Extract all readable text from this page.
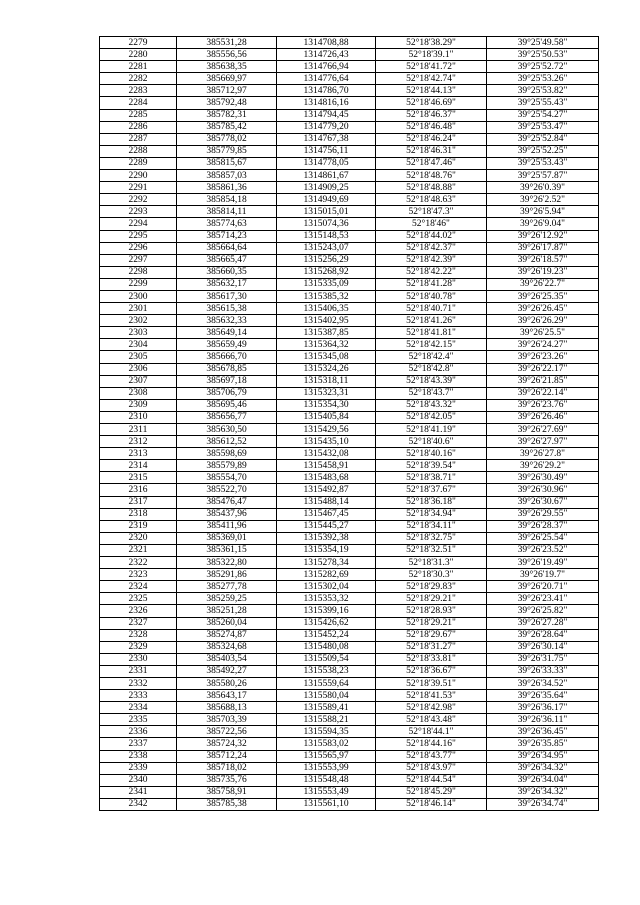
2279	385531,28	1314708,88	52°18'38.29"	39°25'49.58"
2280	385556,56	1314726,43	52°18'39.1"	39°25'50.53"
2281	385638,35	1314766,94	52°18'41.72"	39°25'52.72"
2282	385669,97	1314776,64	52°18'42.74"	39°25'53.26"
2283	385712,97	1314786,70	52°18'44.13"	39°25'53.82"
2284	385792,48	1314816,16	52°18'46.69"	39°25'55.43"
2285	385782,31	1314794,45	52°18'46.37"	39°25'54.27"
2286	385785,42	1314779,20	52°18'46.48"	39°25'53.47"
2287	385778,02	1314767,38	52°18'46.24"	39°25'52.84"
2288	385779,85	1314756,11	52°18'46.31"	39°25'52.25"
2289	385815,67	1314778,05	52°18'47.46"	39°25'53.43"
2290	385857,03	1314861,67	52°18'48.76"	39°25'57.87"
2291	385861,36	1314909,25	52°18'48.88"	39°26'0.39"
2292	385854,18	1314949,69	52°18'48.63"	39°26'2.52"
2293	385814,11	1315015,01	52°18'47.3"	39°26'5.94"
2294	385774,63	1315074,36	52°18'46"	39°26'9.04"
2295	385714,23	1315148,53	52°18'44.02"	39°26'12.92"
2296	385664,64	1315243,07	52°18'42.37"	39°26'17.87"
2297	385665,47	1315256,29	52°18'42.39"	39°26'18.57"
2298	385660,35	1315268,92	52°18'42.22"	39°26'19.23"
2299	385632,17	1315335,09	52°18'41.28"	39°26'22.7"
2300	385617,30	1315385,32	52°18'40.78"	39°26'25.35"
2301	385615,38	1315406,35	52°18'40.71"	39°26'26.45"
2302	385632,33	1315402,95	52°18'41.26"	39°26'26.29"
2303	385649,14	1315387,85	52°18'41.81"	39°26'25.5"
2304	385659,49	1315364,32	52°18'42.15"	39°26'24.27"
2305	385666,70	1315345,08	52°18'42.4"	39°26'23.26"
2306	385678,85	1315324,26	52°18'42.8"	39°26'22.17"
2307	385697,18	1315318,11	52°18'43.39"	39°26'21.85"
2308	385706,79	1315323,31	52°18'43.7"	39°26'22.14"
2309	385695,46	1315354,30	52°18'43.32"	39°26'23.76"
2310	385656,77	1315405,84	52°18'42.05"	39°26'26.46"
2311	385630,50	1315429,56	52°18'41.19"	39°26'27.69"
2312	385612,52	1315435,10	52°18'40.6"	39°26'27.97"
2313	385598,69	1315432,08	52°18'40.16"	39°26'27.8"
2314	385579,89	1315458,91	52°18'39.54"	39°26'29.2"
2315	385554,70	1315483,68	52°18'38.71"	39°26'30.49"
2316	385522,70	1315492,87	52°18'37.67"	39°26'30.96"
2317	385476,47	1315488,14	52°18'36.18"	39°26'30.67"
2318	385437,96	1315467,45	52°18'34.94"	39°26'29.55"
2319	385411,96	1315445,27	52°18'34.11"	39°26'28.37"
2320	385369,01	1315392,38	52°18'32.75"	39°26'25.54"
2321	385361,15	1315354,19	52°18'32.51"	39°26'23.52"
2322	385322,80	1315278,34	52°18'31.3"	39°26'19.49"
2323	385291,86	1315282,69	52°18'30.3"	39°26'19.7"
2324	385277,78	1315302,04	52°18'29.83"	39°26'20.71"
2325	385259,25	1315353,32	52°18'29.21"	39°26'23.41"
2326	385251,28	1315399,16	52°18'28.93"	39°26'25.82"
2327	385260,04	1315426,62	52°18'29.21"	39°26'27.28"
2328	385274,87	1315452,24	52°18'29.67"	39°26'28.64"
2329	385324,68	1315480,08	52°18'31.27"	39°26'30.14"
2330	385403,54	1315509,54	52°18'33.81"	39°26'31.75"
2331	385492,27	1315538,23	52°18'36.67"	39°26'33.33"
2332	385580,26	1315559,64	52°18'39.51"	39°26'34.52"
2333	385643,17	1315580,04	52°18'41.53"	39°26'35.64"
2334	385688,13	1315589,41	52°18'42.98"	39°26'36.17"
2335	385703,39	1315588,21	52°18'43.48"	39°26'36.11"
2336	385722,56	1315594,35	52°18'44.1"	39°26'36.45"
2337	385724,32	1315583,02	52°18'44.16"	39°26'35.85"
2338	385712,24	1315565,97	52°18'43.77"	39°26'34.95"
2339	385718,02	1315553,99	52°18'43.97"	39°26'34.32"
2340	385735,76	1315548,48	52°18'44.54"	39°26'34.04"
2341	385758,91	1315553,49	52°18'45.29"	39°26'34.32"
2342	385785,38	1315561,10	52°18'46.14"	39°26'34.74"
